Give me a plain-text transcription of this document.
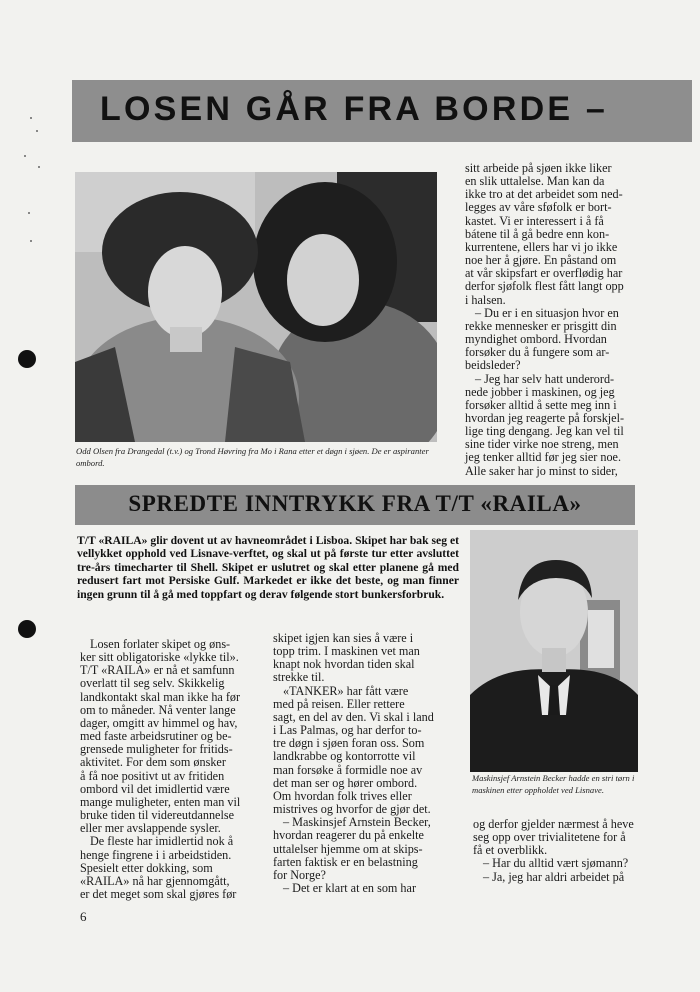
LOSEN GÅR FRA BORDE –
Odd Olsen fra Drangedal (t.v.) og Trond Høvring fra Mo i Rana etter et døgn i sjøen. De er aspiranter ombord.

sitt arbeide på sjøen ikke liker

en slik uttalelse. Man kan da

ikke tro at det arbeidet som ned-

legges av våre sføfolk er bort-

kastet. Vi er interessert i å få

bátene til å gå bedre enn kon-

kurrentene, ellers har vi jo ikke

noe her å gjøre. En påstand om

at vår skipsfart er overflødig har

derfor sjøfolk flest fått langt opp

i halsen.

– Du er i en situasjon hvor en

rekke mennesker er prisgitt din

myndighet ombord. Hvordan

forsøker du å fungere som ar-

beidsleder?

– Jeg har selv hatt underord-

nede jobber i maskinen, og jeg

forsøker alltid å sette meg inn i

hvordan jeg reagerte på forskjel-

lige ting dengang. Jeg kan vel til

sine tider virke noe streng, men

jeg tenker alltid før jeg sier noe.

Alle saker har jo minst to sider,

SPREDTE INNTRYKK FRA T/T «RAILA»
T/T «RAILA» glir dovent ut av havneområdet i Lisboa. Skipet har bak seg et vellykket opphold ved Lisnave-verftet, og skal ut på første tur etter avsluttet tre-års timecharter til Shell. Skipet er uslutret og skal etter planene gå med redusert fart mot Persiske Gulf. Markedet er ikke det beste, og man finner ingen grunn til å gå med toppfart og derav følgende stort bunkersforbruk.
Maskinsjef Arnstein Becker hadde en stri tørn i maskinen etter oppholdet ved Lisnave.

Losen forlater skipet og øns-

ker sitt obligatoriske «lykke til».

T/T «RAILA» er nå et samfunn

overlatt til seg selv. Skikkelig

landkontakt skal man ikke ha før

om to måneder. Nå venter lange

dager, omgitt av himmel og hav,

med faste arbeidsrutiner og be-

grensede muligheter for fritids-

aktivitet. For dem som ønsker

å få noe positivt ut av fritiden

ombord vil det imidlertid være

mange muligheter, enten man vil

bruke tiden til videreutdannelse

eller mer avslappende sysler.

De fleste har imidlertid nok å

henge fingrene i i arbeidstiden.

Spesielt etter dokking, som

«RAILA» nå har gjennomgått,

er det meget som skal gjøres før

skipet igjen kan sies å være i

topp trim. I maskinen vet man

knapt nok hvordan tiden skal

strekke til.

«TANKER» har fått være

med på reisen. Eller rettere

sagt, en del av den. Vi skal i land

i Las Palmas, og har derfor to-

tre døgn i sjøen foran oss. Som

landkrabbe og kontorrotte vil

man forsøke å formidle noe av

det man ser og hører ombord.

Om hvordan folk trives eller

mistrives og hvorfor de gjør det.

– Maskinsjef Arnstein Becker,

hvordan reagerer du på enkelte

uttalelser hjemme om at skips-

farten faktisk er en belastning

for Norge?

– Det er klart at en som har

og derfor gjelder nærmest å heve

seg opp over trivialitetene for å

få et overblikk.

– Har du alltid vært sjømann?

– Ja, jeg har aldri arbeidet på

6
